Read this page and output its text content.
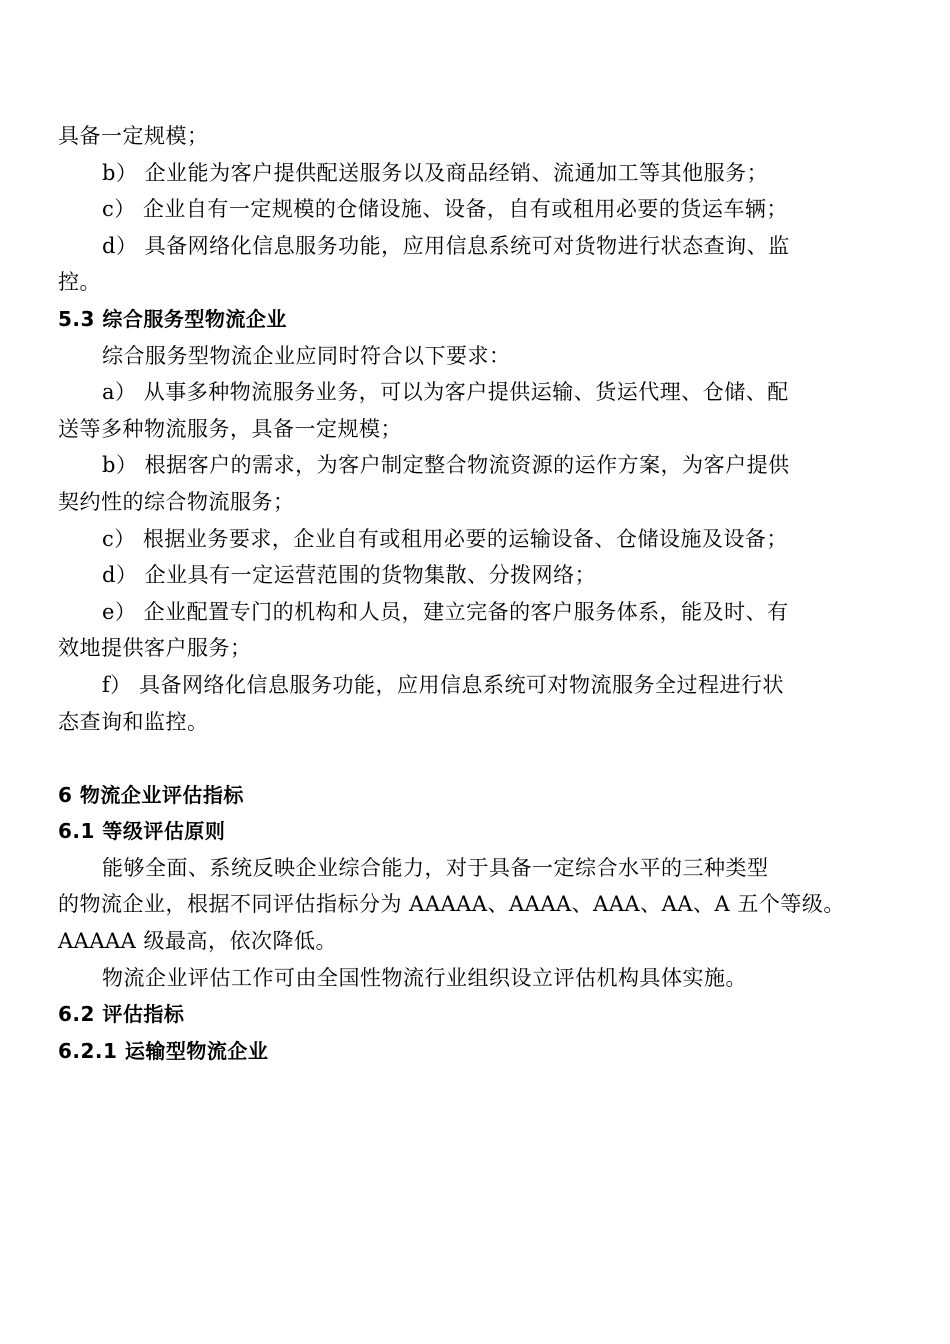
具备一定规模；
b） 企业能为客户提供配送服务以及商品经销、流通加工等其他服务；
c） 企业自有一定规模的仓储设施、设备，自有或租用必要的货运车辆；
d） 具备网络化信息服务功能，应用信息系统可对货物进行状态查询、监
控。
5.3 综合服务型物流企业
综合服务型物流企业应同时符合以下要求：
a） 从事多种物流服务业务，可以为客户提供运输、货运代理、仓储、配
送等多种物流服务，具备一定规模；
b） 根据客户的需求，为客户制定整合物流资源的运作方案，为客户提供
契约性的综合物流服务；
c） 根据业务要求，企业自有或租用必要的运输设备、仓储设施及设备；
d） 企业具有一定运营范围的货物集散、分拨网络；
e） 企业配置专门的机构和人员，建立完备的客户服务体系，能及时、有
效地提供客户服务；
f） 具备网络化信息服务功能，应用信息系统可对物流服务全过程进行状
态查询和监控。
6 物流企业评估指标
6.1 等级评估原则
能够全面、系统反映企业综合能力，对于具备一定综合水平的三种类型
的物流企业，根据不同评估指标分为 AAAAA、AAAA、AAA、AA、A 五个等级。
AAAAA 级最高，依次降低。
物流企业评估工作可由全国性物流行业组织设立评估机构具体实施。
6.2 评估指标
6.2.1 运输型物流企业
